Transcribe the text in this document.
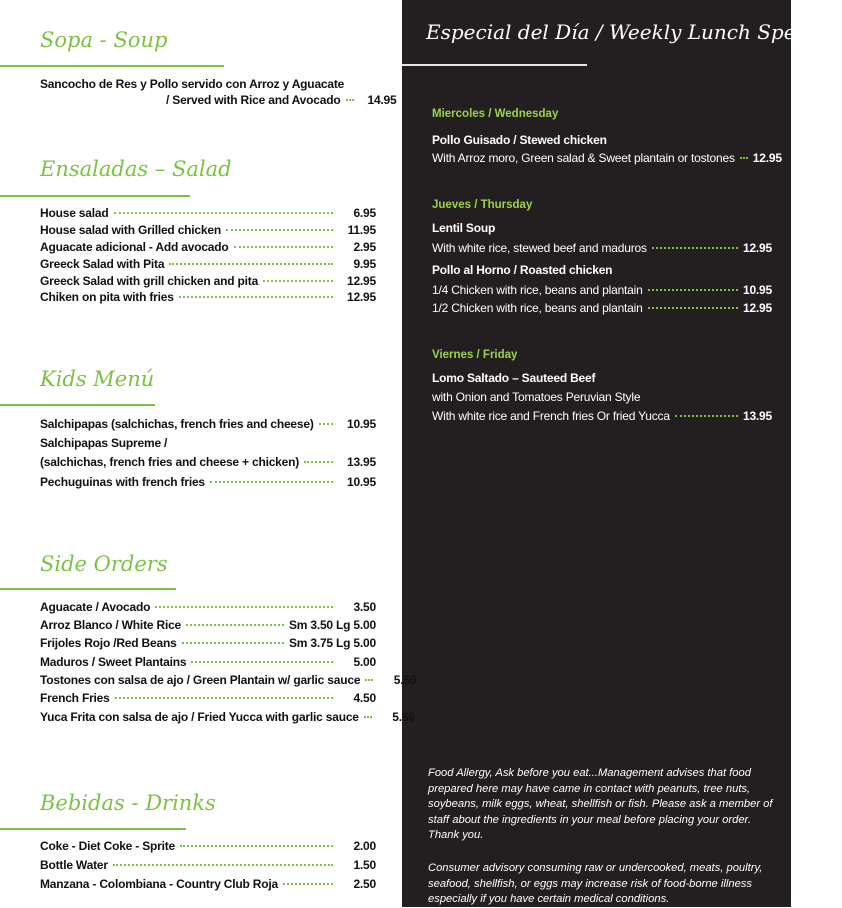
Sopa - Soup
Sancocho de Res y Pollo servido con Arroz y Aguacate
/ Served with Rice and Avocado	14.95
Ensaladas – Salad
House salad	6.95
House salad with Grilled chicken	11.95
Aguacate adicional - Add avocado	2.95
Greeck Salad with Pita	9.95
Greeck Salad with grill chicken and pita	12.95
Chiken on pita with fries	12.95
Kids Menú
Salchipapas (salchichas, french fries and cheese)	10.95
Salchipapas Supreme /
(salchichas, french fries and cheese + chicken)	13.95
Pechuguinas with french fries	10.95
Side Orders
Aguacate / Avocado	3.50
Arroz Blanco / White Rice	Sm 3.50 Lg 5.00
Frijoles Rojo /Red Beans	Sm 3.75 Lg 5.00
Maduros / Sweet Plantains	5.00
Tostones con salsa de ajo / Green Plantain w/ garlic sauce	5.50
French Fries	4.50
Yuca Frita con salsa de ajo / Fried Yucca with garlic sauce	5.50
Bebidas - Drinks
Coke - Diet Coke - Sprite	2.00
Bottle Water	1.50
Manzana - Colombiana - Country Club Roja	2.50
Especial del Día / Weekly Lunch Specials
Miercoles / Wednesday
Pollo Guisado / Stewed chicken
With Arroz moro, Green salad & Sweet plantain or tostones 12.95
Jueves / Thursday
Lentil Soup
With white rice, stewed beef and maduros	12.95
Pollo al Horno / Roasted chicken
1/4 Chicken with rice, beans and plantain	10.95
1/2 Chicken with rice, beans and plantain	12.95
Viernes / Friday
Lomo Saltado – Sauteed Beef
with Onion and Tomatoes Peruvian Style
With white rice and French fries Or fried Yucca	13.95
Food Allergy, Ask before you eat...Management advises that food prepared here may have came in contact with peanuts, tree nuts, soybeans, milk eggs, wheat, shellfish or fish. Please ask a member of staff about the ingredients in your meal before placing your order. Thank you.
Consumer advisory consuming raw or undercooked, meats, poultry, seafood, shellfish, or eggs may increase risk of food-borne illness especially if you have certain medical conditions.
